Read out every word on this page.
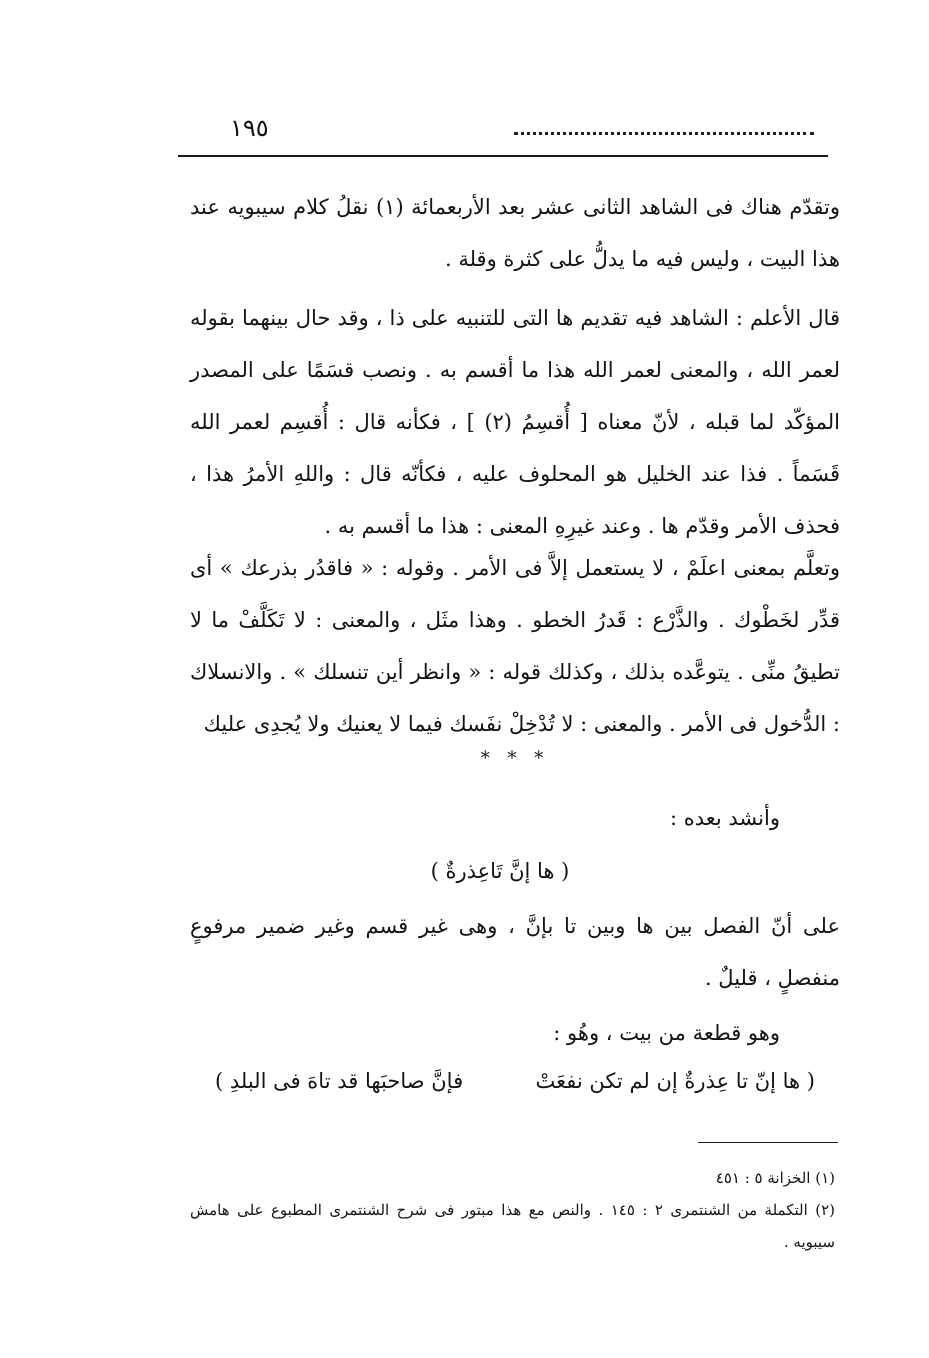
١٩٥

وتقدّم هناك فى الشاهد الثانى عشر بعد الأربعمائة (١) نقلُ كلام سيبويه عند هذا البيت ، وليس فيه ما يدلُّ على كثرة وقلة .

قال الأعلم : الشاهد فيه تقديم ها التى للتنبيه على ذا ، وقد حال بينهما بقوله لعمر الله ، والمعنى لعمر الله هذا ما أقسم به . ونصب قسَمًا على المصدر المؤكّد لما قبله ، لأنّ معناه [ أُقسِمُ (٢) ] ، فكأنه قال : أُقسِم لعمر الله قَسَماً . فذا عند الخليل هو المحلوف عليه ، فكأنّه قال : واللهِ الأمرُ هذا ، فحذف الأمر وقدّم ها . وعند غيرِهِ المعنى : هذا ما أقسم به .

وتعلَّم بمعنى اعلَمْ ، لا يستعمل إلاَّ فى الأمر . وقوله : « فاقدُر بذرعك » أى قدِّر لخَطْوك . والذَّرْع : قَدرُ الخطو . وهذا مثَل ، والمعنى : لا تَكَلَّفْ ما لا تطيقُ منِّى . يتوعَّده بذلك ، وكذلك قوله : « وانظر أين تنسلك » . والانسلاك : الدُّخول فى الأمر . والمعنى : لا تُدْخِلْ نفَسك فيما لا يعنيك ولا يُجدِى عليك

* * *
وأنشد بعده :
( ها إنَّ تَاعِذرةٌ )

على أنّ الفصل بين ها وبين تا بإنَّ ، وهى غير قسم وغير ضمير مرفوعٍ منفصلٍ ، قليلٌ .

وهو قطعة من بيت ، وهُو :
( ها إنّ تا عِذرةٌ إن لم تكن نفعَتْ
فإنَّ صاحبَها قد تاهَ فى البلدِ )

(١) الخزانة ٥ : ٤٥١

(٢) التكملة من الشنتمرى ٢ : ١٤٥ . والنص مع هذا مبتور فى شرح الشنتمرى المطبوع على هامش سيبويه .
